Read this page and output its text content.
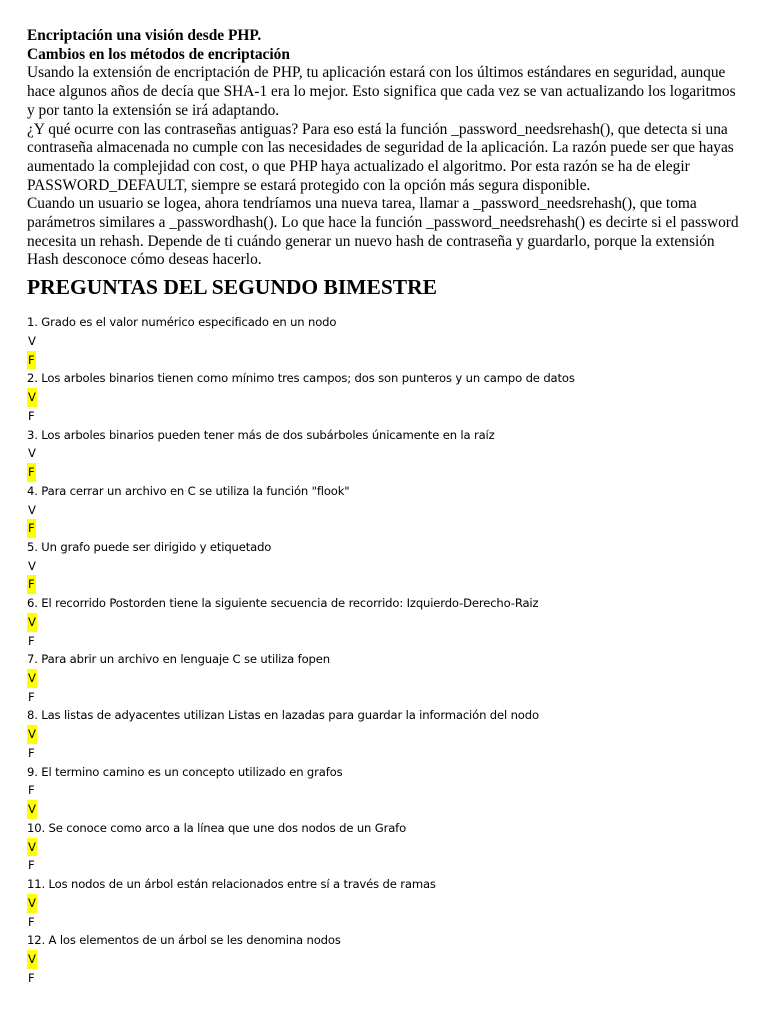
Encriptación una visión desde PHP.
Cambios en los métodos de encriptación

Usando la extensión de encriptación de PHP, tu aplicación estará con los últimos estándares en seguridad, aunque hace algunos años de decía que SHA-1 era lo mejor. Esto significa que cada vez se van actualizando los logaritmos y por tanto la extensión se irá adaptando.

¿Y qué ocurre con las contraseñas antiguas? Para eso está la función _password_needsrehash(), que detecta si una contraseña almacenada no cumple con las necesidades de seguridad de la aplicación. La razón puede ser que hayas aumentado la complejidad con cost, o que PHP haya actualizado el algoritmo. Por esta razón se ha de elegir PASSWORD_DEFAULT, siempre se estará protegido con la opción más segura disponible.

Cuando un usuario se logea, ahora tendríamos una nueva tarea, llamar a _password_needsrehash(), que toma parámetros similares a _passwordhash(). Lo que hace la función _password_needsrehash() es decirte si el password necesita un rehash. Depende de ti cuándo generar un nuevo hash de contraseña y guardarlo, porque la extensión Hash desconoce cómo deseas hacerlo.

PREGUNTAS DEL SEGUNDO BIMESTRE
1. Grado es el valor numérico especificado en un nodo
V
F
2. Los arboles binarios tienen como mínimo tres campos; dos son punteros y un campo de datos
V
F
3. Los arboles binarios pueden tener más de dos subárboles únicamente en la raíz
V
F
4. Para cerrar un archivo en C se utiliza la función "flook"
V
F
5. Un grafo puede ser dirigido y etiquetado
V
F
6. El recorrido Postorden tiene la siguiente secuencia de recorrido: Izquierdo-Derecho-Raiz
V
F
7. Para abrir un archivo en lenguaje C se utiliza fopen
V
F
8. Las listas de adyacentes utilizan Listas en lazadas para guardar la información del nodo
V
F
9. El termino camino es un concepto utilizado en grafos
F
V
10. Se conoce como arco a la línea que une dos nodos de un Grafo
V
F
11. Los nodos de un árbol están relacionados entre sí a través de ramas
V
F
12. A los elementos de un árbol se les denomina nodos
V
F
